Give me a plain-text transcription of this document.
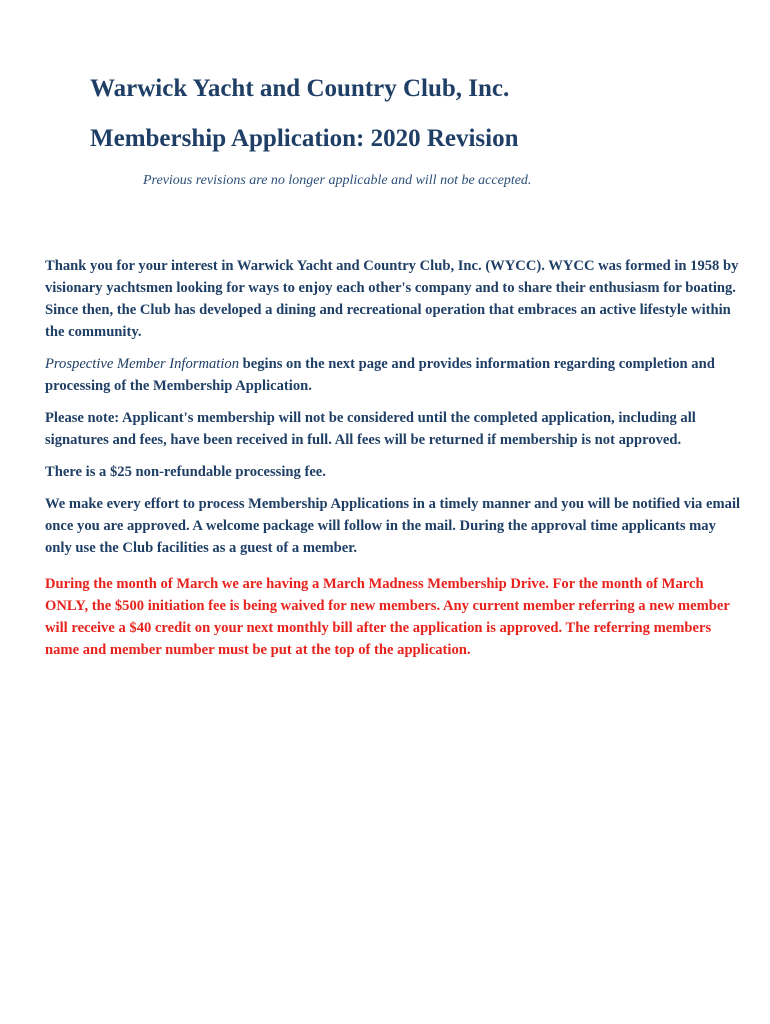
Warwick Yacht and Country Club, Inc.
Membership Application: 2020 Revision
Previous revisions are no longer applicable and will not be accepted.

Thank you for your interest in Warwick Yacht and Country Club, Inc. (WYCC). WYCC was formed in 1958 by visionary yachtsmen looking for ways to enjoy each other's company and to share their enthusiasm for boating. Since then, the Club has developed a dining and recreational operation that embraces an active lifestyle within the community.

Prospective Member Information begins on the next page and provides information regarding completion and processing of the Membership Application.

Please note: Applicant's membership will not be considered until the completed application, including all signatures and fees, have been received in full. All fees will be returned if membership is not approved.

There is a $25 non-refundable processing fee.

We make every effort to process Membership Applications in a timely manner and you will be notified via email once you are approved. A welcome package will follow in the mail. During the approval time applicants may only use the Club facilities as a guest of a member.

During the month of March we are having a March Madness Membership Drive. For the month of March ONLY, the $500 initiation fee is being waived for new members. Any current member referring a new member will receive a $40 credit on your next monthly bill after the application is approved. The referring members name and member number must be put at the top of the application.
